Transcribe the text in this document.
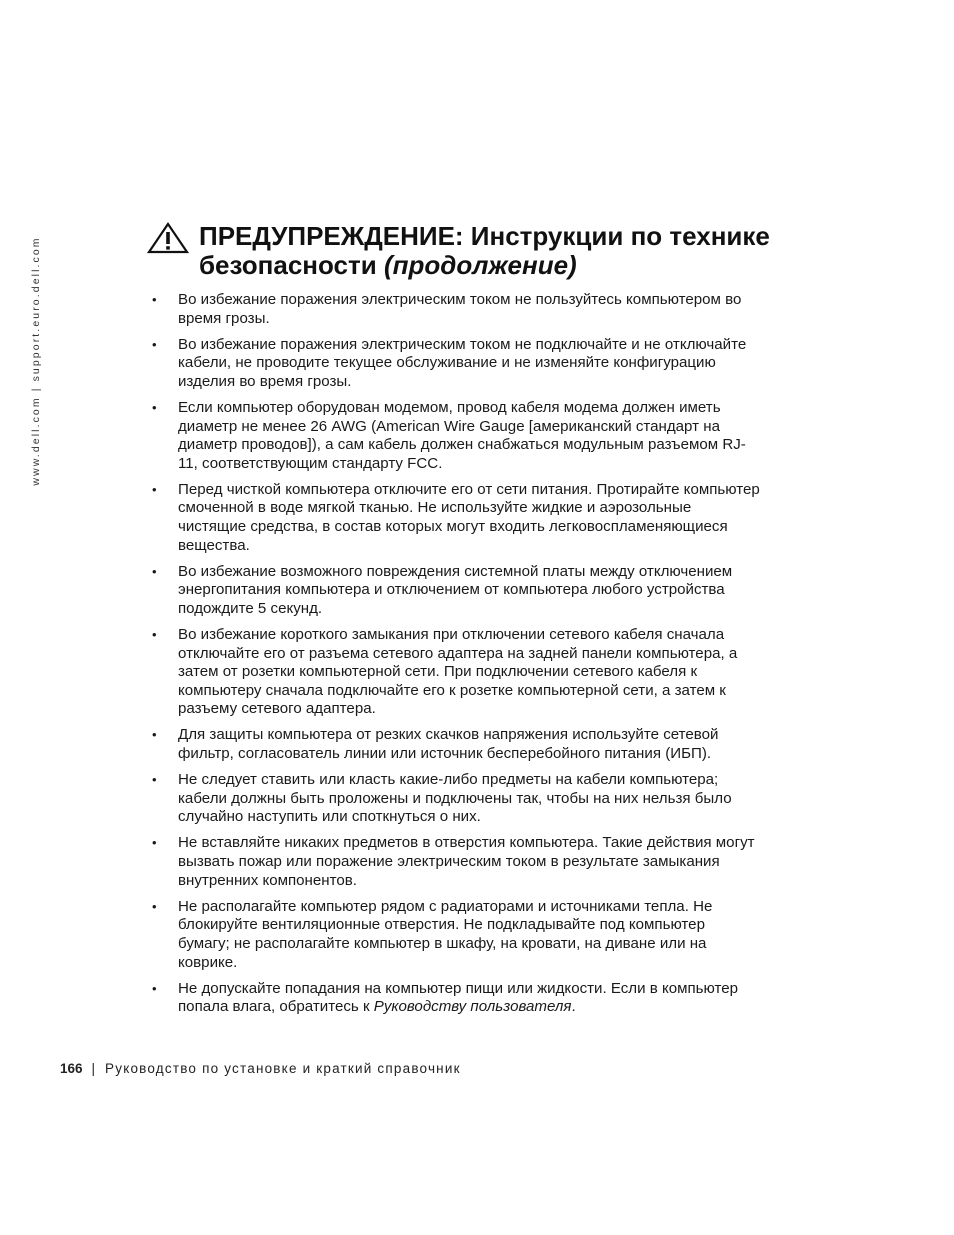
www.dell.com | support.euro.dell.com
ПРЕДУПРЕЖДЕНИЕ: Инструкции по технике безопасности (продолжение)
• Во избежание поражения электрическим током не пользуйтесь компьютером во время грозы.
• Во избежание поражения электрическим током не подключайте и не отключайте кабели, не проводите текущее обслуживание и не изменяйте конфигурацию изделия во время грозы.
• Если компьютер оборудован модемом, провод кабеля модема должен иметь диаметр не менее 26 AWG (American Wire Gauge [американский стандарт на диаметр проводов]), а сам кабель должен снабжаться модульным разъемом RJ-11, соответствующим стандарту FCC.
• Перед чисткой компьютера отключите его от сети питания. Протирайте компьютер смоченной в воде мягкой тканью. Не используйте жидкие и аэрозольные чистящие средства, в состав которых могут входить легковоспламеняющиеся вещества.
• Во избежание возможного повреждения системной платы между отключением энергопитания компьютера и отключением от компьютера любого устройства подождите 5 секунд.
• Во избежание короткого замыкания при отключении сетевого кабеля сначала отключайте его от разъема сетевого адаптера на задней панели компьютера, а затем от розетки компьютерной сети. При подключении сетевого кабеля к компьютеру сначала подключайте его к розетке компьютерной сети, а затем к разъему сетевого адаптера.
• Для защиты компьютера от резких скачков напряжения используйте сетевой фильтр, согласователь линии или источник бесперебойного питания (ИБП).
• Не следует ставить или класть какие-либо предметы на кабели компьютера; кабели должны быть проложены и подключены так, чтобы на них нельзя было случайно наступить или споткнуться о них.
• Не вставляйте никаких предметов в отверстия компьютера. Такие действия могут вызвать пожар или поражение электрическим током в результате замыкания внутренних компонентов.
• Не располагайте компьютер рядом с радиаторами и источниками тепла. Не блокируйте вентиляционные отверстия. Не подкладывайте под компьютер бумагу; не располагайте компьютер в шкафу, на кровати, на диване или на коврике.
• Не допускайте попадания на компьютер пищи или жидкости. Если в компьютер попала влага, обратитесь к Руководству пользователя.
166 | Руководство по установке и краткий справочник
